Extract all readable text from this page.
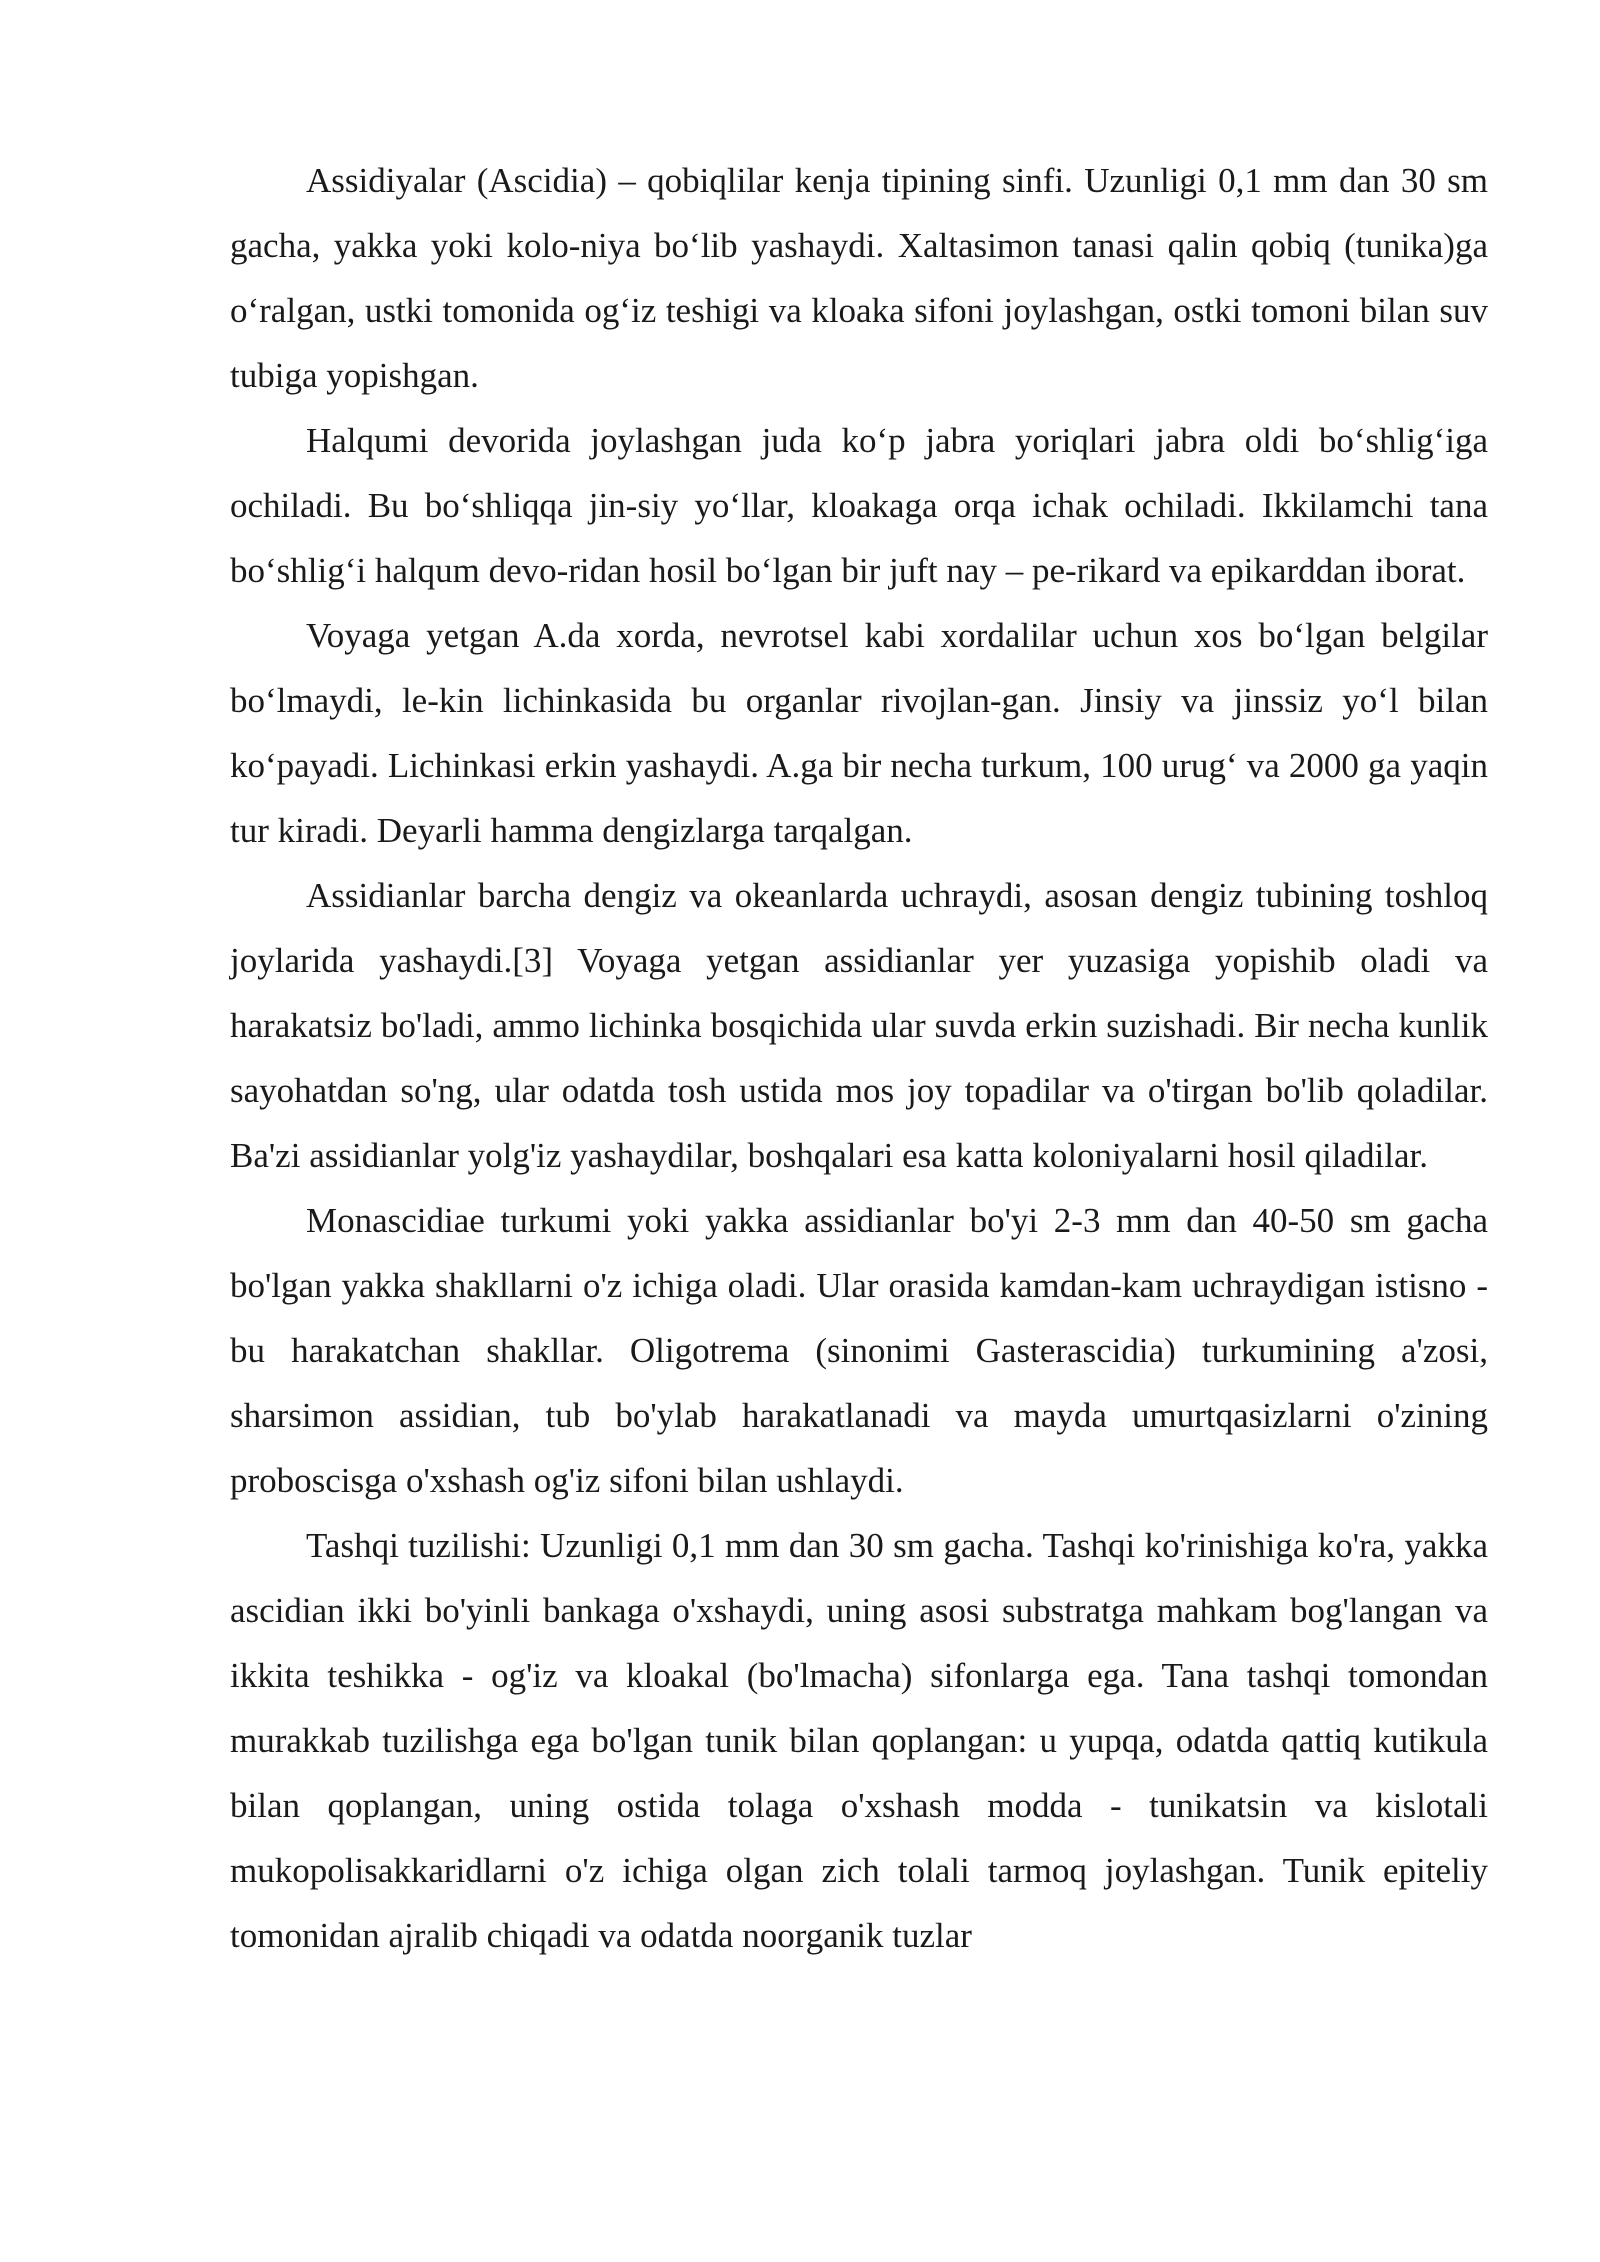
Assidiyalar (Ascidia) – qobiqlilar kenja tipining sinfi. Uzunligi 0,1 mm dan 30 sm gacha, yakka yoki kolo-niya bo‘lib yashaydi. Xaltasimon tanasi qalin qobiq (tunika)ga o‘ralgan, ustki tomonida og‘iz teshigi va kloaka sifoni joylashgan, ostki tomoni bilan suv tubiga yopishgan.

Halqumi devorida joylashgan juda ko‘p jabra yoriqlari jabra oldi bo‘shlig‘iga ochiladi. Bu bo‘shliqqa jin-siy yo‘llar, kloakaga orqa ichak ochiladi. Ikkilamchi tana bo‘shlig‘i halqum devo-ridan hosil bo‘lgan bir juft nay – pe-rikard va epikarddan iborat.

Voyaga yetgan A.da xorda, nevrotsel kabi xordalilar uchun xos bo‘lgan belgilar bo‘lmaydi, le-kin lichinkasida bu organlar rivojlan-gan. Jinsiy va jinssiz yo‘l bilan ko‘payadi. Lichinkasi erkin yashaydi. A.ga bir necha turkum, 100 urug‘ va 2000 ga yaqin tur kiradi. Deyarli hamma dengizlarga tarqalgan.

Assidianlar barcha dengiz va okeanlarda uchraydi, asosan dengiz tubining toshloq joylarida yashaydi.[3] Voyaga yetgan assidianlar yer yuzasiga yopishib oladi va harakatsiz bo'ladi, ammo lichinka bosqichida ular suvda erkin suzishadi. Bir necha kunlik sayohatdan so'ng, ular odatda tosh ustida mos joy topadilar va o'tirgan bo'lib qoladilar. Ba'zi assidianlar yolg'iz yashaydilar, boshqalari esa katta koloniyalarni hosil qiladilar.

Monascidiae turkumi yoki yakka assidianlar bo'yi 2-3 mm dan 40-50 sm gacha bo'lgan yakka shakllarni o'z ichiga oladi. Ular orasida kamdan-kam uchraydigan istisno - bu harakatchan shakllar. Oligotrema (sinonimi Gasterascidia) turkumining a'zosi, sharsimon assidian, tub bo'ylab harakatlanadi va mayda umurtqasizlarni o'zining proboscisga o'xshash og'iz sifoni bilan ushlaydi.

Tashqi tuzilishi: Uzunligi 0,1 mm dan 30 sm gacha. Tashqi ko'rinishiga ko'ra, yakka ascidian ikki bo'yinli bankaga o'xshaydi, uning asosi substratga mahkam bog'langan va ikkita teshikka - og'iz va kloakal (bo'lmacha) sifonlarga ega. Tana tashqi tomondan murakkab tuzilishga ega bo'lgan tunik bilan qoplangan: u yupqa, odatda qattiq kutikula bilan qoplangan, uning ostida tolaga o'xshash modda - tunikatsin va kislotali mukopolisakkaridlarni o'z ichiga olgan zich tolali tarmoq joylashgan. Tunik epiteliy tomonidan ajralib chiqadi va odatda noorganik tuzlar
